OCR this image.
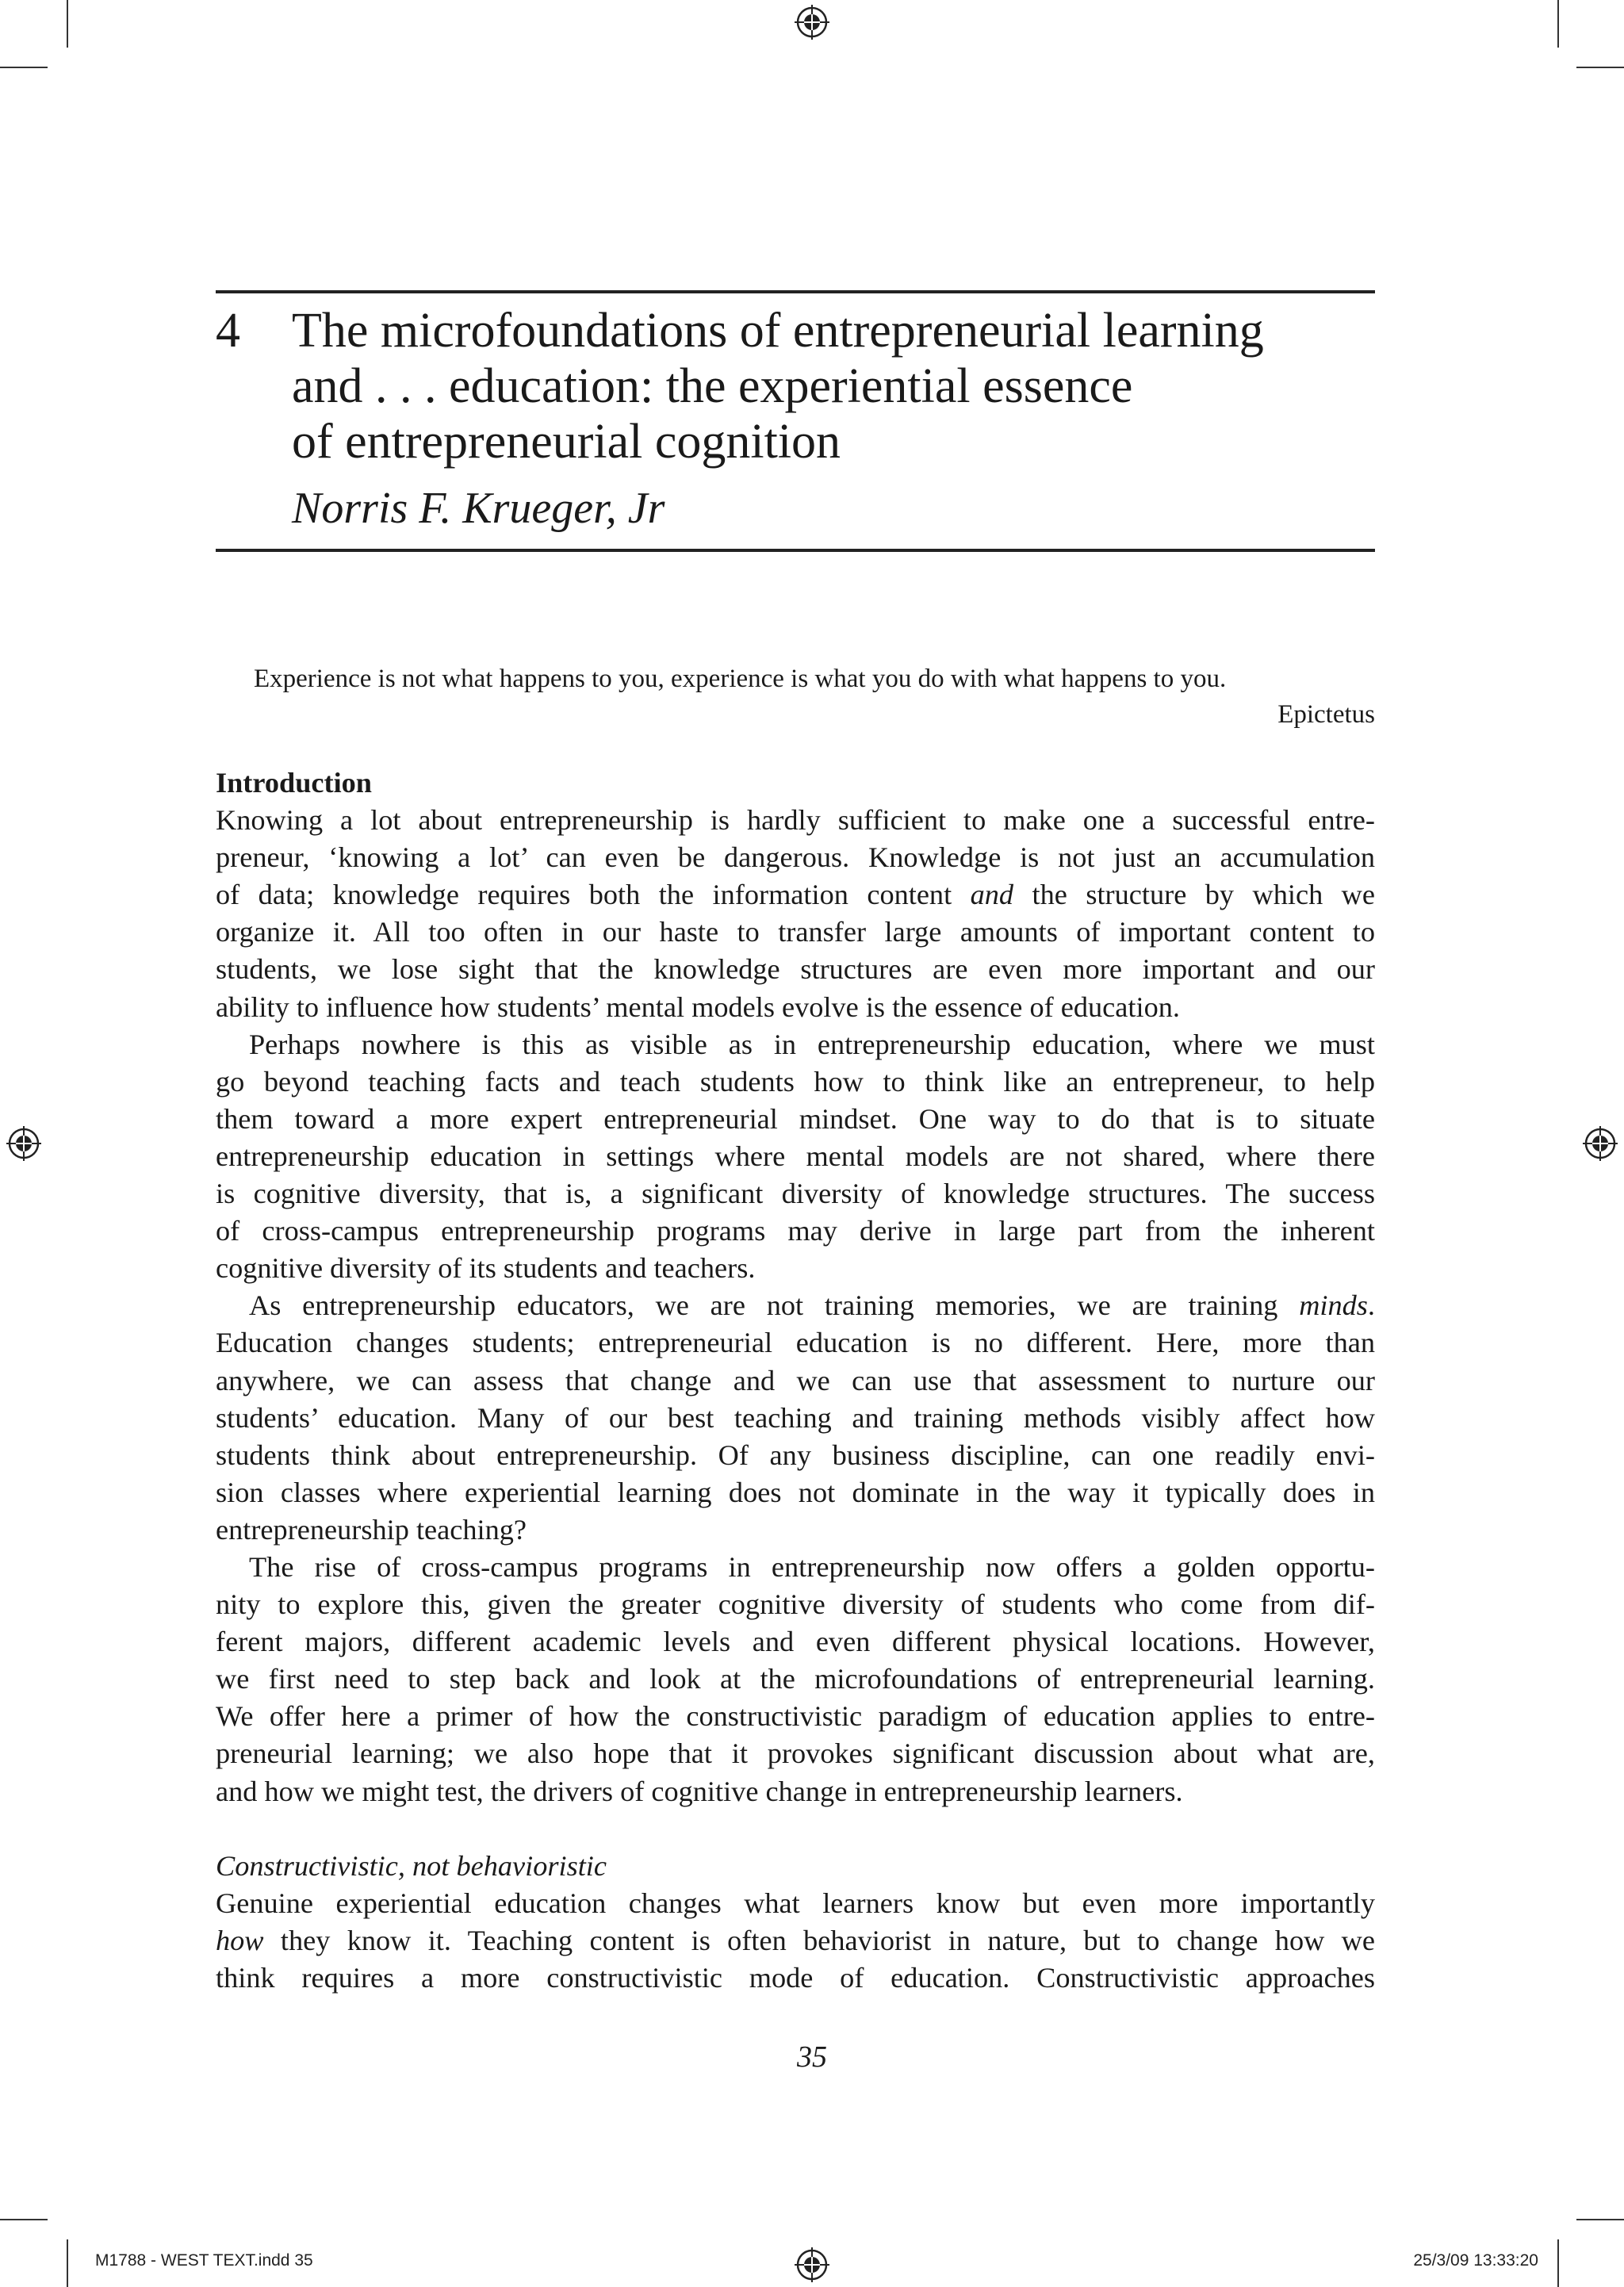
4 The microfoundations of entrepreneurial learning
and . . . education: the experiential essence
of entrepreneurial cognition
Norris F. Krueger, Jr
Experience is not what happens to you, experience is what you do with what happens to you.
Epictetus
Introduction

Knowing a lot about entrepreneurship is hardly sufficient to make one a successful entre-
preneur, ‘knowing a lot’ can even be dangerous. Knowledge is not just an accumulation
of data; knowledge requires both the information content and the structure by which we
organize it. All too often in our haste to transfer large amounts of important content to
students, we lose sight that the knowledge structures are even more important and our
ability to influence how students’ mental models evolve is the essence of education.

Perhaps nowhere is this as visible as in entrepreneurship education, where we must
go beyond teaching facts and teach students how to think like an entrepreneur, to help
them toward a more expert entrepreneurial mindset. One way to do that is to situate
entrepreneurship education in settings where mental models are not shared, where there
is cognitive diversity, that is, a significant diversity of knowledge structures. The success
of cross-campus entrepreneurship programs may derive in large part from the inherent
cognitive diversity of its students and teachers.

As entrepreneurship educators, we are not training memories, we are training minds.
Education changes students; entrepreneurial education is no different. Here, more than
anywhere, we can assess that change and we can use that assessment to nurture our
students’ education. Many of our best teaching and training methods visibly affect how
students think about entrepreneurship. Of any business discipline, can one readily envi-
sion classes where experiential learning does not dominate in the way it typically does in
entrepreneurship teaching?

The rise of cross-campus programs in entrepreneurship now offers a golden opportu-
nity to explore this, given the greater cognitive diversity of students who come from dif-
ferent majors, different academic levels and even different physical locations. However,
we first need to step back and look at the microfoundations of entrepreneurial learning.
We offer here a primer of how the constructivistic paradigm of education applies to entre-
preneurial learning; we also hope that it provokes significant discussion about what are,
and how we might test, the drivers of cognitive change in entrepreneurship learners.

Constructivistic, not behavioristic

Genuine experiential education changes what learners know but even more importantly
how they know it. Teaching content is often behaviorist in nature, but to change how we
think requires a more constructivistic mode of education. Constructivistic approaches

35
M1788 - WEST TEXT.indd 35	25/3/09 13:33:20
